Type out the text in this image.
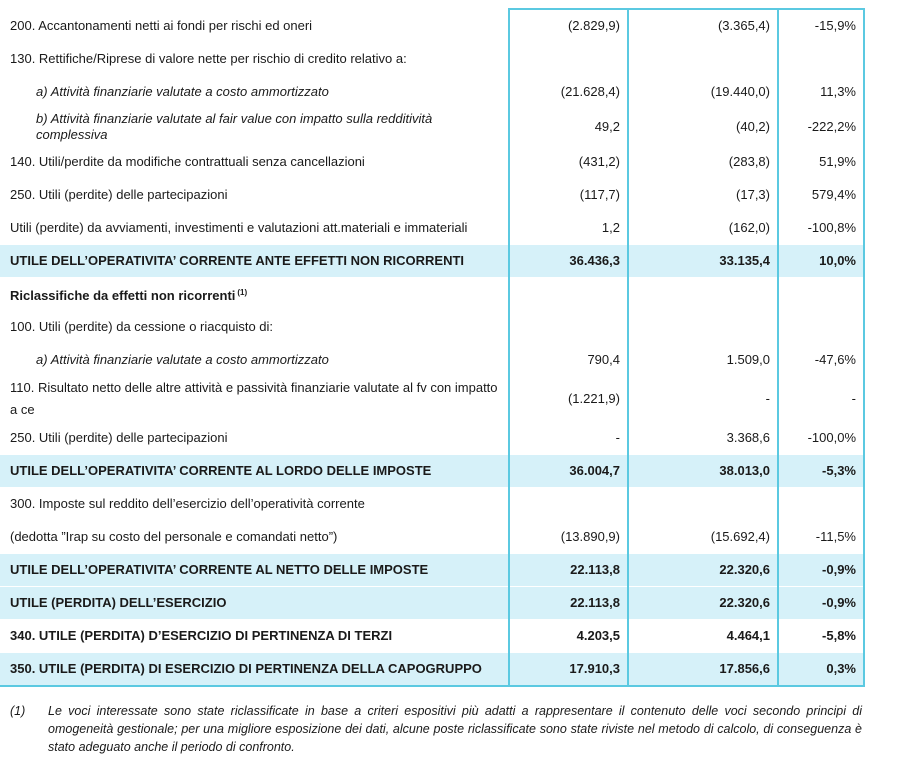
200. Accantonamenti netti ai fondi per rischi ed oneri	(2.829,9)	(3.365,4)	-15,9%
130. Rettifiche/Riprese di valore nette per rischio di credito relativo a:			
a) Attività finanziarie valutate a costo ammortizzato	(21.628,4)	(19.440,0)	11,3%
b) Attività finanziarie valutate al fair value con impatto sulla redditività complessiva	49,2	(40,2)	-222,2%
140. Utili/perdite da modifiche contrattuali senza cancellazioni	(431,2)	(283,8)	51,9%
250. Utili (perdite) delle partecipazioni	(117,7)	(17,3)	579,4%
Utili (perdite) da avviamenti, investimenti e valutazioni att.materiali e immateriali	1,2	(162,0)	-100,8%
UTILE DELL’OPERATIVITA’ CORRENTE ANTE EFFETTI NON RICORRENTI	36.436,3	33.135,4	10,0%
Riclassifiche da effetti non ricorrenti $^{(1)}$			
100. Utili (perdite) da cessione o riacquisto di:			
a) Attività finanziarie valutate a costo ammortizzato	790,4	1.509,0	-47,6%
110. Risultato netto delle altre attività e passività finanziarie valutate al fv con impatto a ce	(1.221,9)	-	-
250. Utili (perdite) delle partecipazioni	-	3.368,6	-100,0%
UTILE DELL’OPERATIVITA’ CORRENTE AL LORDO DELLE IMPOSTE	36.004,7	38.013,0	-5,3%
300. Imposte sul reddito dell’esercizio dell’operatività corrente			
(dedotta ”Irap su costo del personale e comandati netto”)	(13.890,9)	(15.692,4)	-11,5%
UTILE DELL’OPERATIVITA’ CORRENTE AL NETTO DELLE IMPOSTE	22.113,8	22.320,6	-0,9%
UTILE (PERDITA) DELL’ESERCIZIO	22.113,8	22.320,6	-0,9%
340. UTILE (PERDITA) D’ESERCIZIO DI PERTINENZA DI TERZI	4.203,5	4.464,1	-5,8%
350. UTILE (PERDITA) DI ESERCIZIO DI PERTINENZA DELLA CAPOGRUPPO	17.910,3	17.856,6	0,3%
(1) Le voci interessate sono state riclassificate in base a criteri espositivi più adatti a rappresentare il contenuto delle voci secondo principi di omogeneità gestionale; per una migliore esposizione dei dati, alcune poste riclassificate sono state riviste nel metodo di calcolo, di conseguenza è stato adeguato anche il periodo di confronto.
